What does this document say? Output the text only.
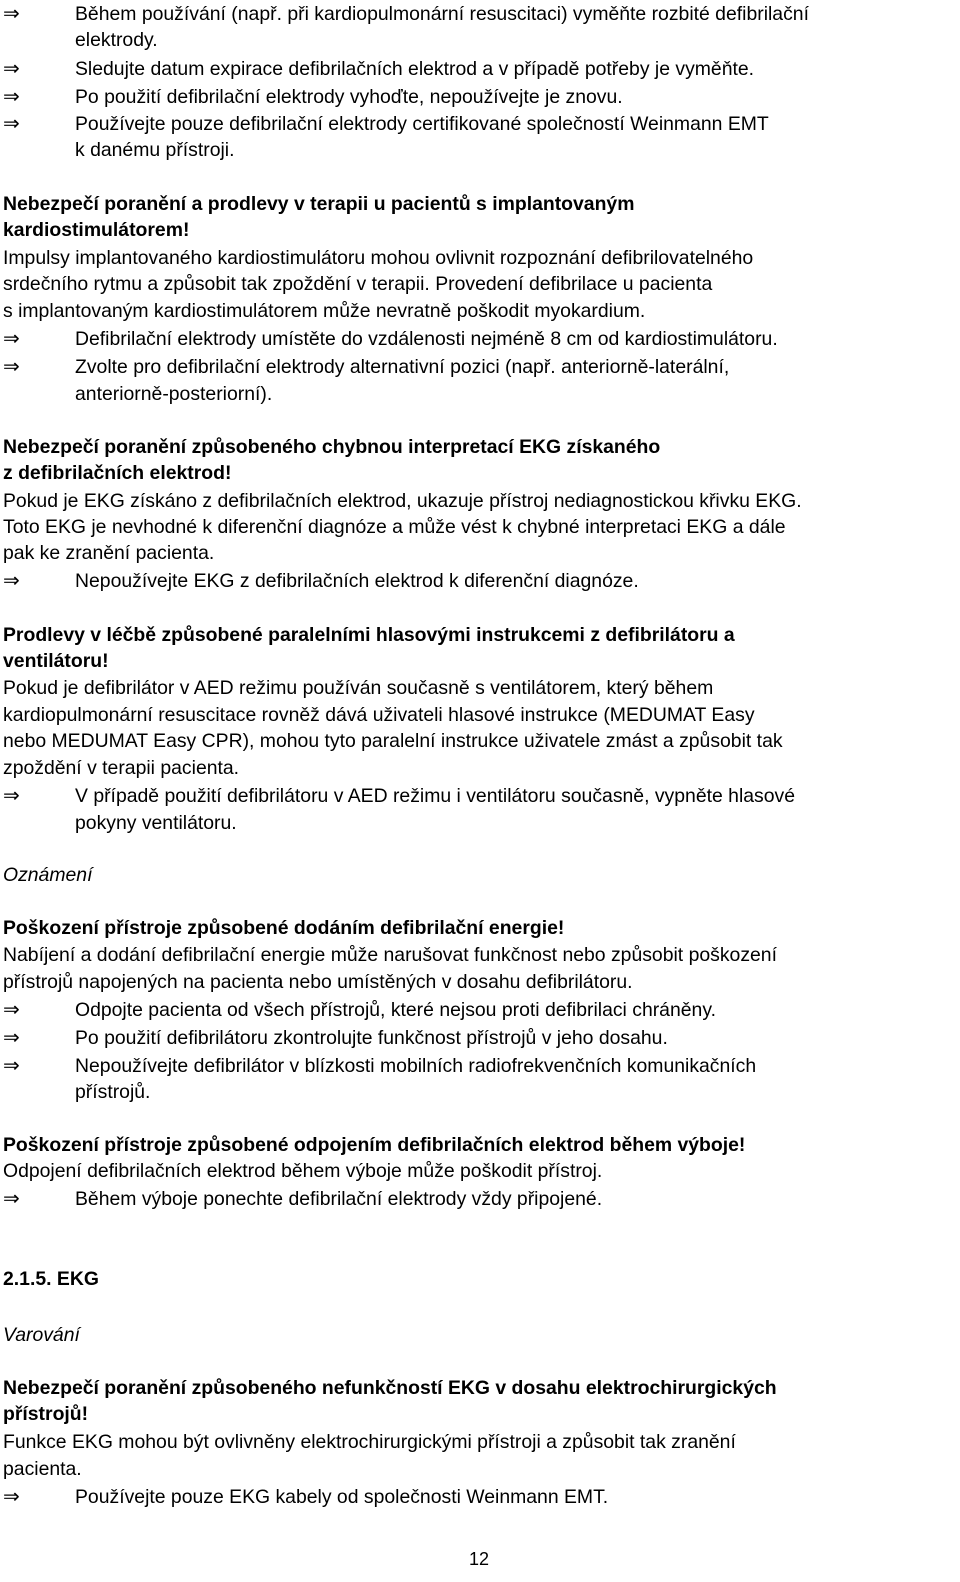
⇒	Během používání (např. při kardiopulmonární resuscitaci) vyměňte rozbité defibrilační
elektrody.
⇒	Sledujte datum expirace defibrilačních elektrod a v případě potřeby je vyměňte.
⇒	Po použití defibrilační elektrody vyhoďte, nepoužívejte je znovu.
⇒	Používejte pouze defibrilační elektrody certifikované společností Weinmann EMT
k danému přístroji.
Nebezpečí poranění a prodlevy v terapii u pacientů s implantovaným
kardiostimulátorem!
Impulsy implantovaného kardiostimulátoru mohou ovlivnit rozpoznání defibrilovatelného
srdečního rytmu a způsobit tak zpoždění v terapii. Provedení defibrilace u pacienta
s implantovaným kardiostimulátorem může nevratně poškodit myokardium.
⇒	Defibrilační elektrody umístěte do vzdálenosti nejméně 8 cm od kardiostimulátoru.
⇒	Zvolte pro defibrilační elektrody alternativní pozici (např. anteriorně-laterální,
anteriorně-posteriorní).
Nebezpečí poranění způsobeného chybnou interpretací EKG získaného
z defibrilačních elektrod!
Pokud je EKG získáno z defibrilačních elektrod, ukazuje přístroj nediagnostickou křivku EKG.
Toto EKG je nevhodné k diferenční diagnóze a může vést k chybné interpretaci EKG a dále
pak ke zranění pacienta.
⇒	Nepoužívejte EKG z defibrilačních elektrod k diferenční diagnóze.
Prodlevy v léčbě způsobené paralelními hlasovými instrukcemi z defibrilátoru a
ventilátoru!
Pokud je defibrilátor v AED režimu používán současně s ventilátorem, který během
kardiopulmonární resuscitace rovněž dává uživateli hlasové instrukce (MEDUMAT Easy
nebo MEDUMAT Easy CPR), mohou tyto paralelní instrukce uživatele zmást a způsobit tak
zpoždění v terapii pacienta.
⇒	V případě použití defibrilátoru v AED režimu i ventilátoru současně, vypněte hlasové
pokyny ventilátoru.
Oznámení
Poškození přístroje způsobené dodáním defibrilační energie!
Nabíjení a dodání defibrilační energie může narušovat funkčnost nebo způsobit poškození
přístrojů napojených na pacienta nebo umístěných v dosahu defibrilátoru.
⇒	Odpojte pacienta od všech přístrojů, které nejsou proti defibrilaci chráněny.
⇒	Po použití defibrilátoru zkontrolujte funkčnost přístrojů v jeho dosahu.
⇒	Nepoužívejte defibrilátor v blízkosti mobilních radiofrekvenčních komunikačních
přístrojů.
Poškození přístroje způsobené odpojením defibrilačních elektrod během výboje!
Odpojení defibrilačních elektrod během výboje může poškodit přístroj.
⇒	Během výboje ponechte defibrilační elektrody vždy připojené.
2.1.5. EKG
Varování
Nebezpečí poranění způsobeného nefunkčností EKG v dosahu elektrochirurgických
přístrojů!
Funkce EKG mohou být ovlivněny elektrochirurgickými přístroji a způsobit tak zranění
pacienta.
⇒	Používejte pouze EKG kabely od společnosti Weinmann EMT.
12
